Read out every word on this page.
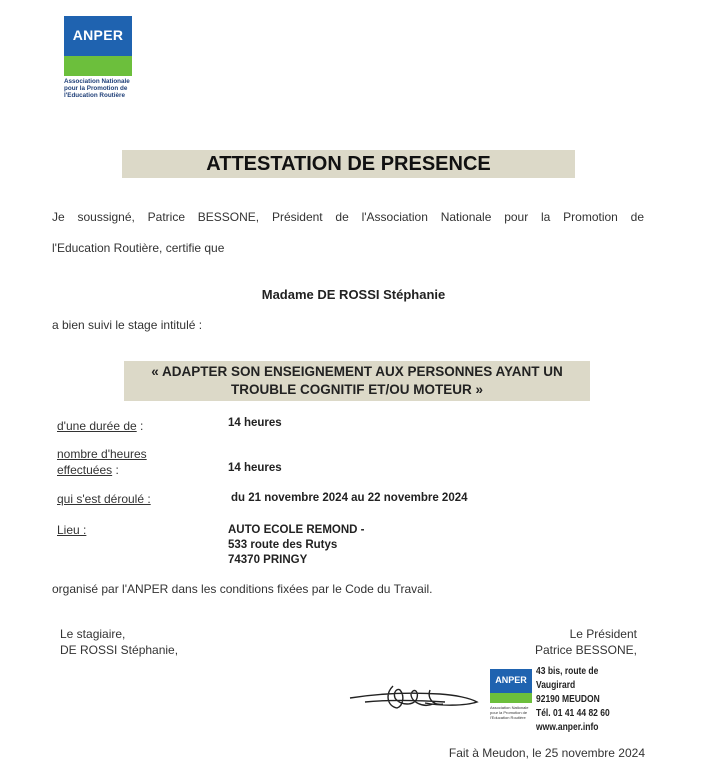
ANPER
Association Nationale
pour la Promotion de
l'Education Routière
ATTESTATION DE PRESENCE
Je soussigné, Patrice BESSONE, Président de l'Association Nationale pour la Promotion de
l'Education Routière, certifie que
Madame DE ROSSI Stéphanie
a bien suivi le stage intitulé :
« ADAPTER SON ENSEIGNEMENT AUX PERSONNES AYANT UN
TROUBLE COGNITIF ET/OU MOTEUR »
d'une durée de :	14 heures
nombre d'heures
effectuées :	14 heures
qui s'est déroulé :	du 21 novembre 2024 au 22 novembre 2024
Lieu :	AUTO ECOLE REMOND -
533 route des Rutys
74370 PRINGY
organisé par l'ANPER dans les conditions fixées par le Code du Travail.
Le stagiaire,
DE ROSSI Stéphanie,
Le Président
Patrice BESSONE,
ANPER
Association Nationale pour la Promotion de l'Education Routière
43 bis, route de Vaugirard
92190 MEUDON
Tél. 01 41 44 82 60
www.anper.info
Fait à Meudon, le 25 novembre 2024
